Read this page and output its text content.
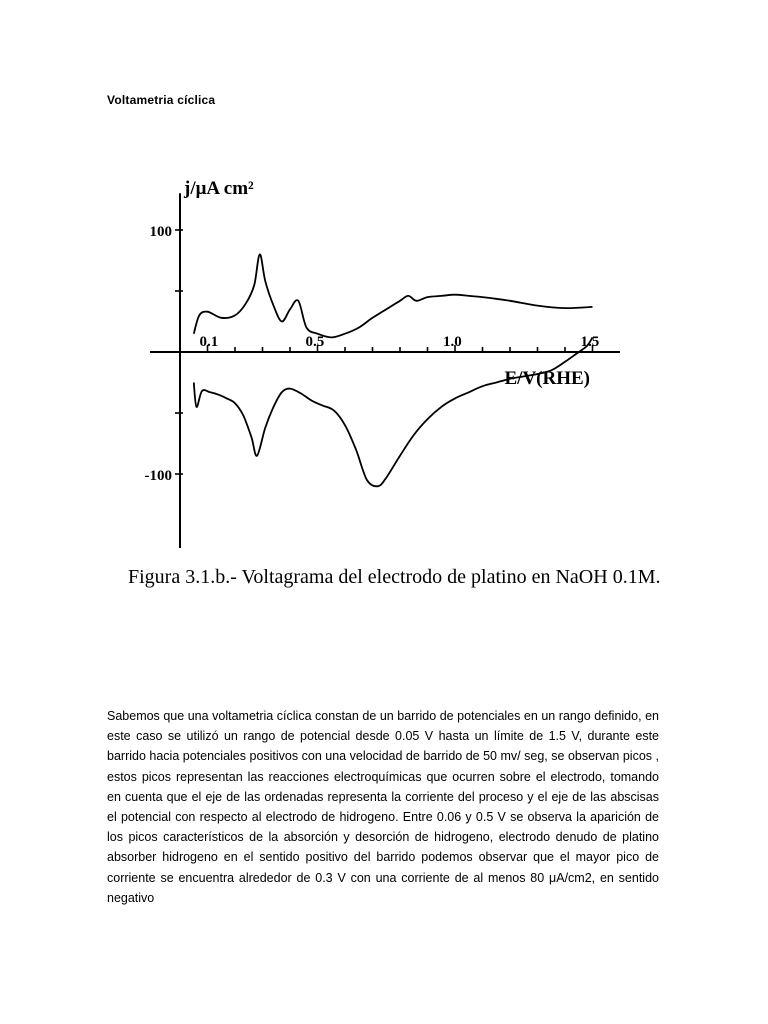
Voltametria cíclica
0.1	0.5	1.0	1.5
100
-100
j/μA cm²
E/V(RHE)
Figura 3.1.b.- Voltagrama del electrodo de platino en NaOH 0.1M.
Sabemos que una voltametria cíclica constan de un barrido de potenciales en un rango definido, en este caso se utilizó un rango de potencial desde 0.05 V hasta un límite de 1.5 V, durante este barrido hacia potenciales positivos con una velocidad de barrido de 50 mv/ seg, se observan picos , estos picos representan las reacciones electroquímicas que ocurren sobre el electrodo, tomando en cuenta que el eje de las ordenadas representa la corriente del proceso y el eje de las abscisas el potencial con respecto al electrodo de hidrogeno. Entre 0.06 y 0.5 V se observa la aparición de los picos característicos de la absorción y desorción de hidrogeno, electrodo denudo de platino absorber hidrogeno en el sentido positivo del barrido podemos observar que el mayor pico de corriente se encuentra alrededor de 0.3 V con una corriente de al menos 80 μA/cm2, en sentido negativo
